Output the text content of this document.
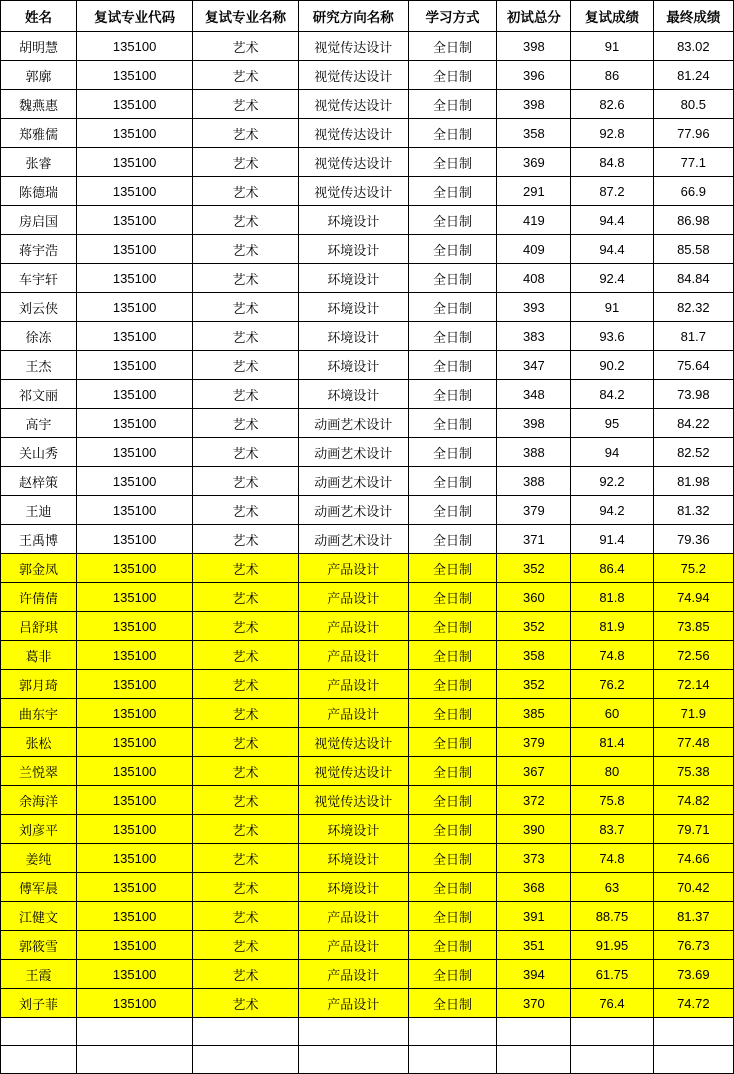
姓名	复试专业代码	复试专业名称	研究方向名称	学习方式	初试总分	复试成绩	最终成绩
胡明慧	135100	艺术	视觉传达设计	全日制	398	91	83.02
郭廓	135100	艺术	视觉传达设计	全日制	396	86	81.24
魏燕惠	135100	艺术	视觉传达设计	全日制	398	82.6	80.5
郑雅儒	135100	艺术	视觉传达设计	全日制	358	92.8	77.96
张睿	135100	艺术	视觉传达设计	全日制	369	84.8	77.1
陈德瑞	135100	艺术	视觉传达设计	全日制	291	87.2	66.9
房启国	135100	艺术	环境设计	全日制	419	94.4	86.98
蒋宇浩	135100	艺术	环境设计	全日制	409	94.4	85.58
车宇轩	135100	艺术	环境设计	全日制	408	92.4	84.84
刘云侠	135100	艺术	环境设计	全日制	393	91	82.32
徐冻	135100	艺术	环境设计	全日制	383	93.6	81.7
王杰	135100	艺术	环境设计	全日制	347	90.2	75.64
祁文丽	135100	艺术	环境设计	全日制	348	84.2	73.98
高宇	135100	艺术	动画艺术设计	全日制	398	95	84.22
关山秀	135100	艺术	动画艺术设计	全日制	388	94	82.52
赵梓策	135100	艺术	动画艺术设计	全日制	388	92.2	81.98
王迪	135100	艺术	动画艺术设计	全日制	379	94.2	81.32
王禹博	135100	艺术	动画艺术设计	全日制	371	91.4	79.36
郭金凤	135100	艺术	产品设计	全日制	352	86.4	75.2
许倩倩	135100	艺术	产品设计	全日制	360	81.8	74.94
吕舒琪	135100	艺术	产品设计	全日制	352	81.9	73.85
葛非	135100	艺术	产品设计	全日制	358	74.8	72.56
郭月琦	135100	艺术	产品设计	全日制	352	76.2	72.14
曲东宇	135100	艺术	产品设计	全日制	385	60	71.9
张松	135100	艺术	视觉传达设计	全日制	379	81.4	77.48
兰悦翠	135100	艺术	视觉传达设计	全日制	367	80	75.38
余海洋	135100	艺术	视觉传达设计	全日制	372	75.8	74.82
刘彦平	135100	艺术	环境设计	全日制	390	83.7	79.71
姜纯	135100	艺术	环境设计	全日制	373	74.8	74.66
傅军晨	135100	艺术	环境设计	全日制	368	63	70.42
江健文	135100	艺术	产品设计	全日制	391	88.75	81.37
郭筱雪	135100	艺术	产品设计	全日制	351	91.95	76.73
王霞	135100	艺术	产品设计	全日制	394	61.75	73.69
刘子菲	135100	艺术	产品设计	全日制	370	76.4	74.72
